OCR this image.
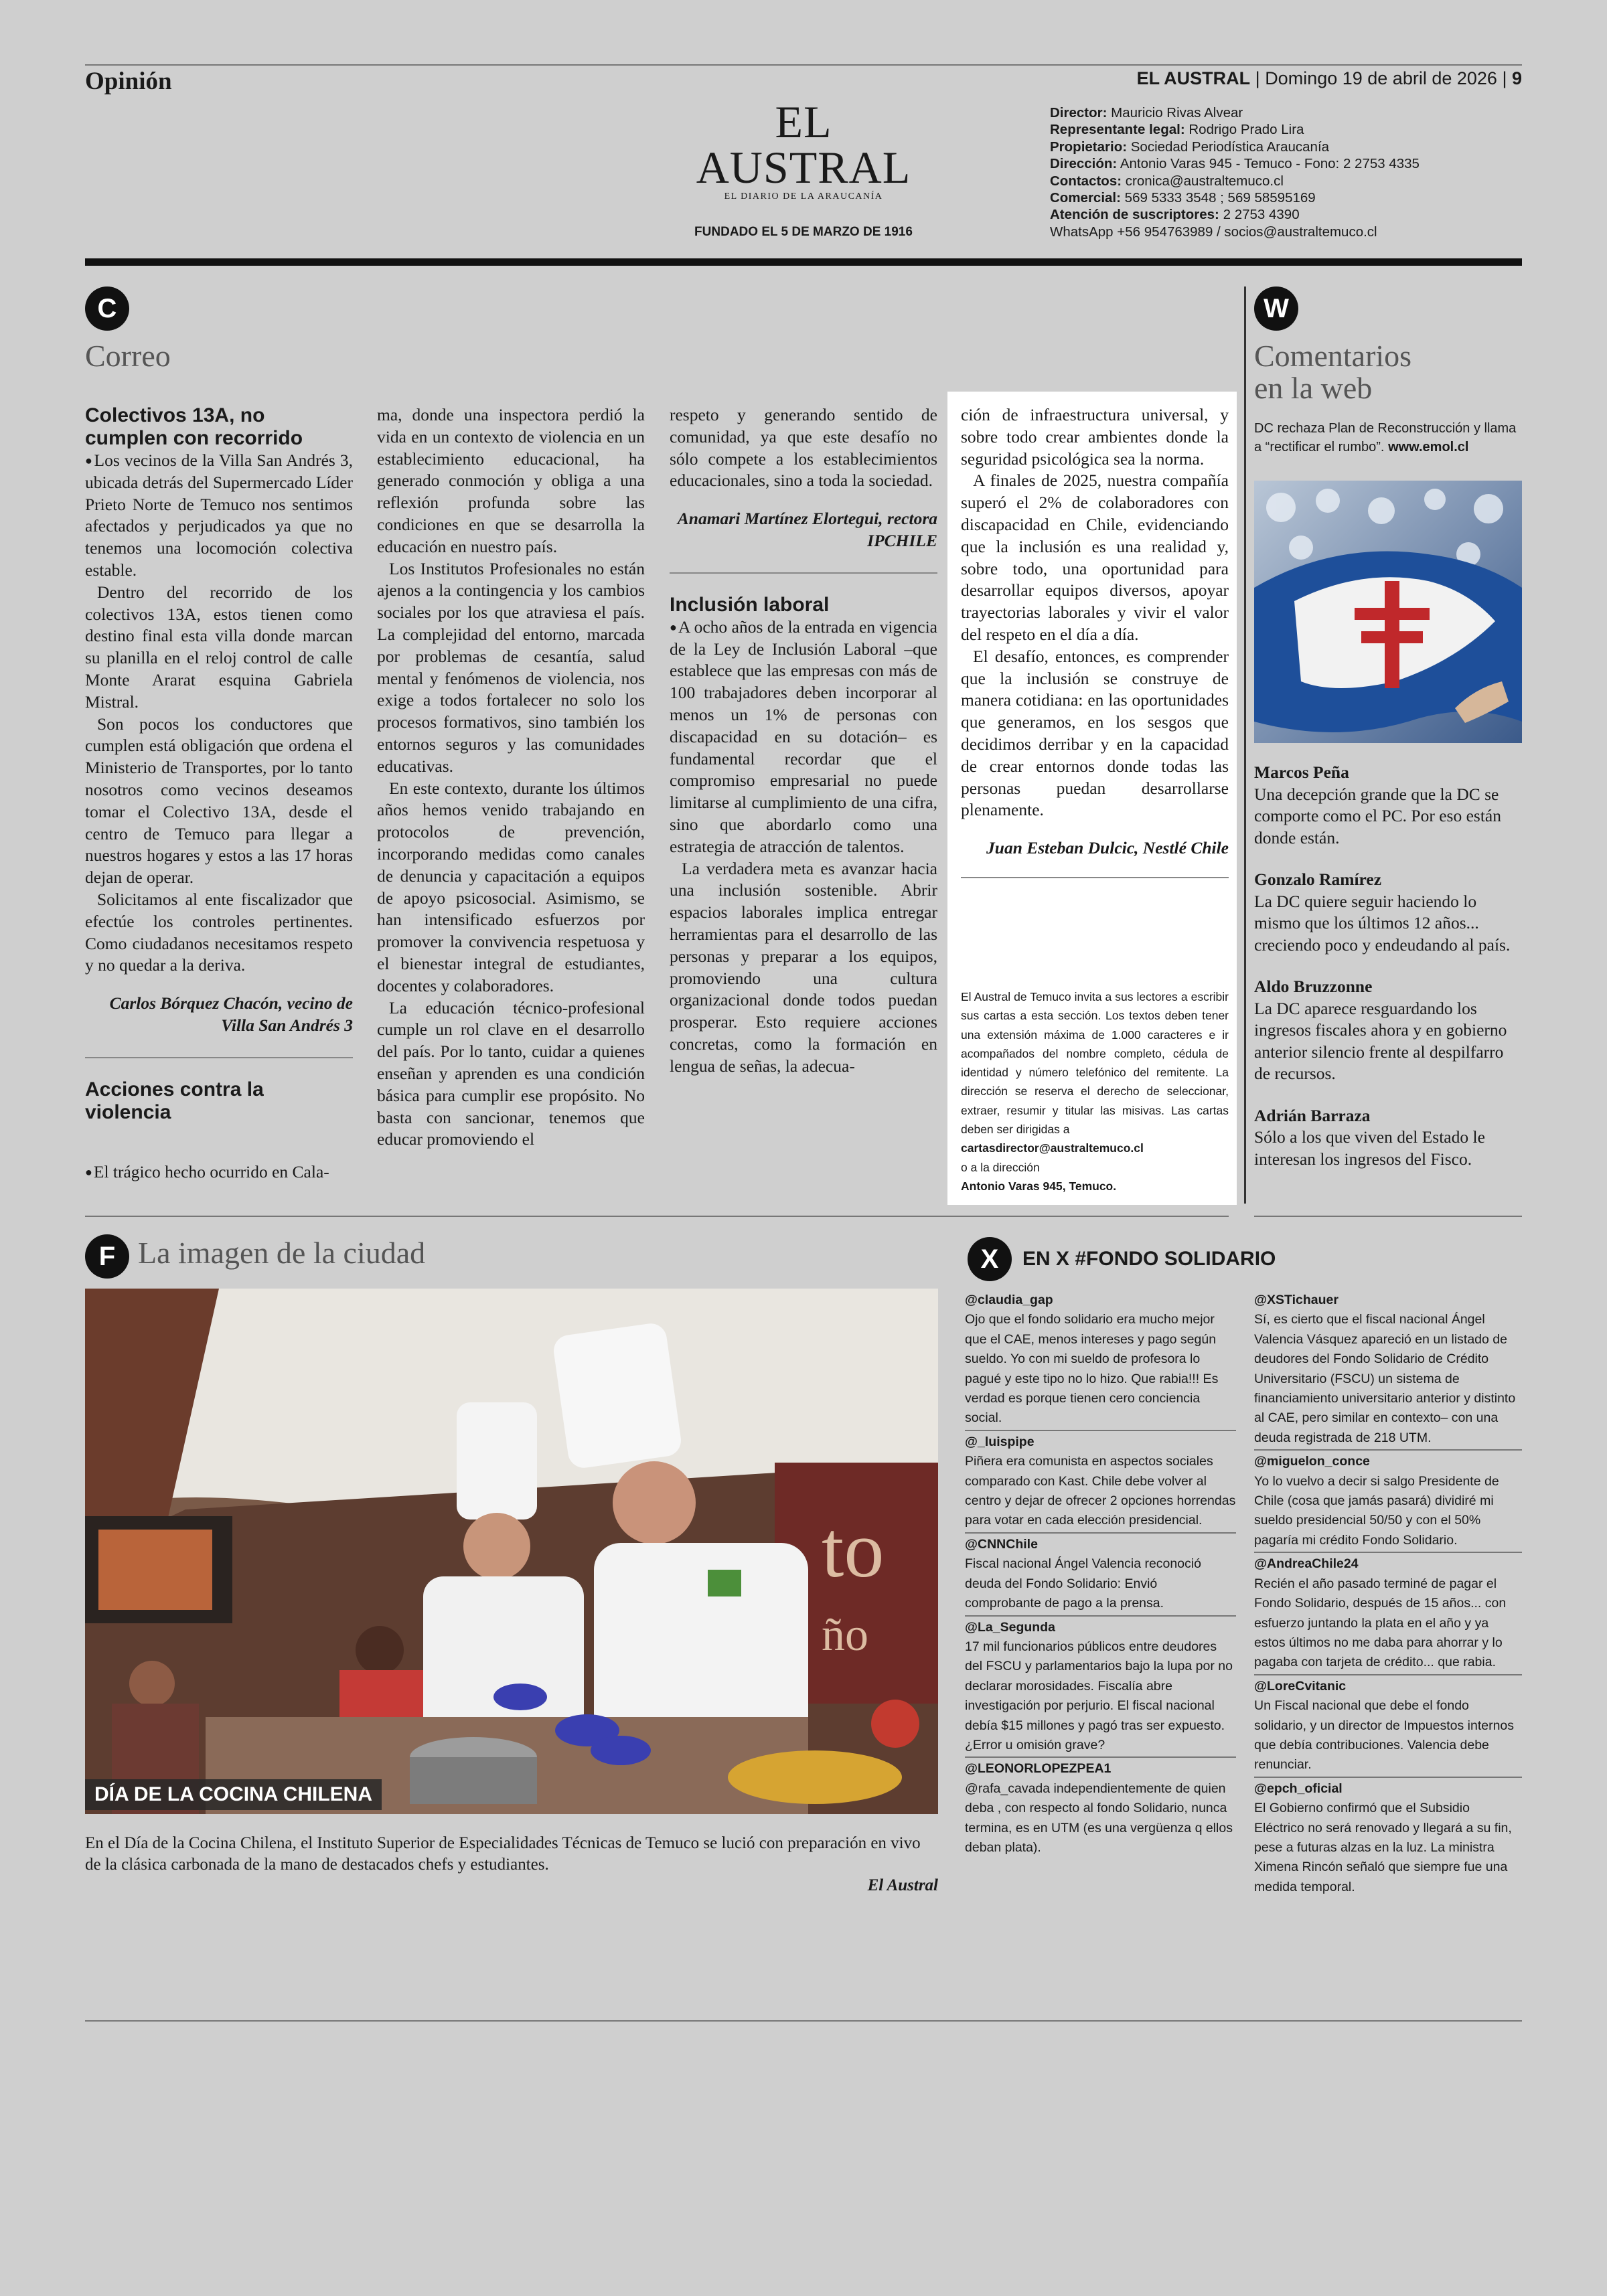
Opinión	EL AUSTRAL | Domingo 19 de abril de 2026 | 9
EL AUSTRAL
EL DIARIO DE LA ARAUCANÍA
FUNDADO EL 5 DE MARZO DE 1916
Director: Mauricio Rivas Alvear
Representante legal: Rodrigo Prado Lira
Propietario: Sociedad Periodística Araucanía
Dirección: Antonio Varas 945 - Temuco - Fono: 2 2753 4335
Contactos: cronica@australtemuco.cl
Comercial: 569 5333 3548 ; 569 58595169
Atención de suscriptores: 2 2753 4390
WhatsApp +56 954763989 / socios@australtemuco.cl
C
Correo

Colectivos 13A, no cumplen con recorrido

● Los vecinos de la Villa San Andrés 3, ubicada detrás del Supermercado Líder Prieto Norte de Temuco nos sentimos afectados y perjudicados ya que no tenemos una locomoción colectiva estable.

Dentro del recorrido de los colectivos 13A, estos tienen como destino final esta villa donde marcan su planilla en el reloj control de calle Monte Ararat esquina Gabriela Mistral.

Son pocos los conductores que cumplen está obligación que ordena el Ministerio de Transportes, por lo tanto nosotros como vecinos deseamos tomar el Colectivo 13A, desde el centro de Temuco para llegar a nuestros hogares y estos a las 17 horas dejan de operar.

Solicitamos al ente fiscalizador que efectúe los controles pertinentes. Como ciudadanos necesitamos respeto y no quedar a la deriva.

Carlos Bórquez Chacón, vecino de Villa San Andrés 3

Acciones contra la violencia

● El trágico hecho ocurrido en Cala-

ma, donde una inspectora perdió la vida en un contexto de violencia en un establecimiento educacional, ha generado conmoción y obliga a una reflexión profunda sobre las condiciones en que se desarrolla la educación en nuestro país.

Los Institutos Profesionales no están ajenos a la contingencia y los cambios sociales por los que atraviesa el país. La complejidad del entorno, marcada por problemas de cesantía, salud mental y fenómenos de violencia, nos exige a todos fortalecer no solo los procesos formativos, sino también los entornos seguros y las comunidades educativas.

En este contexto, durante los últimos años hemos venido trabajando en protocolos de prevención, incorporando medidas como canales de denuncia y capacitación a equipos de apoyo psicosocial. Asimismo, se han intensificado esfuerzos por promover la convivencia respetuosa y el bienestar integral de estudiantes, docentes y colaboradores.

La educación técnico-profesional cumple un rol clave en el desarrollo del país. Por lo tanto, cuidar a quienes enseñan y aprenden es una condición básica para cumplir ese propósito. No basta con sancionar, tenemos que educar promoviendo el

respeto y generando sentido de comunidad, ya que este desafío no sólo compete a los establecimientos educacionales, sino a toda la sociedad.

Anamari Martínez Elortegui, rectora IPCHILE

Inclusión laboral

● A ocho años de la entrada en vigencia de la Ley de Inclusión Laboral –que establece que las empresas con más de 100 trabajadores deben incorporar al menos un 1% de personas con discapacidad en su dotación– es fundamental recordar que el compromiso empresarial no puede limitarse al cumplimiento de una cifra, sino que abordarlo como una estrategia de atracción de talentos.

La verdadera meta es avanzar hacia una inclusión sostenible. Abrir espacios laborales implica entregar herramientas para el desarrollo de las personas y preparar a los equipos, promoviendo una cultura organizacional donde todos puedan prosperar. Esto requiere acciones concretas, como la formación en lengua de señas, la adecua-

ción de infraestructura universal, y sobre todo crear ambientes donde la seguridad psicológica sea la norma.

A finales de 2025, nuestra compañía superó el 2% de colaboradores con discapacidad en Chile, evidenciando que la inclusión es una realidad y, sobre todo, una oportunidad para desarrollar equipos diversos, apoyar trayectorias laborales y vivir el valor del respeto en el día a día.

El desafío, entonces, es comprender que la inclusión se construye de manera cotidiana: en las oportunidades que generamos, en los sesgos que decidimos derribar y en la capacidad de crear entornos donde todas las personas puedan desarrollarse plenamente.

Juan Esteban Dulcic, Nestlé Chile

El Austral de Temuco invita a sus lectores a escribir sus cartas a esta sección. Los textos deben tener una extensión máxima de 1.000 caracteres e ir acompañados del nombre completo, cédula de identidad y número telefónico del remitente. La dirección se reserva el derecho de seleccionar, extraer, resumir y titular las misivas. Las cartas deben ser dirigidas a
cartasdirector@australtemuco.cl
o a la dirección
Antonio Varas 945, Temuco.
W
Comentarios
en la web
DC rechaza Plan de Reconstrucción y llama a “rectificar el rumbo”. www.emol.cl

Marcos Peña

Una decepción grande que la DC se comporte como el PC. Por eso están donde están.

Gonzalo Ramírez

La DC quiere seguir haciendo lo mismo que los últimos 12 años... creciendo poco y endeudando al país.

Aldo Bruzzonne

La DC aparece resguardando los ingresos fiscales ahora y en gobierno anterior silencio frente al despilfarro de recursos.

Adrián Barraza

Sólo a los que viven del Estado le interesan los ingresos del Fisco.

F La imagen de la ciudad
to
ño
DÍA DE LA COCINA CHILENA
En el Día de la Cocina Chilena, el Instituto Superior de Especialidades Técnicas de Temuco se lució con preparación en vivo de la clásica carbonada de la mano de destacados chefs y estudiantes.
El Austral
X	EN X #FONDO SOLIDARIO

@claudia_gap

Ojo que el fondo solidario era mucho mejor que el CAE, menos intereses y pago según sueldo. Yo con mi sueldo de profesora lo pagué y este tipo no lo hizo. Que rabia!!! Es verdad es porque tienen cero conciencia social.

@_luispipe

Piñera era comunista en aspectos sociales comparado con Kast. Chile debe volver al centro y dejar de ofrecer 2 opciones horrendas para votar en cada elección presidencial.

@CNNChile

Fiscal nacional Ángel Valencia reconoció deuda del Fondo Solidario: Envió comprobante de pago a la prensa.

@La_Segunda

17 mil funcionarios públicos entre deudores del FSCU y parlamentarios bajo la lupa por no declarar morosidades. Fiscalía abre investigación por perjurio. El fiscal nacional debía $15 millones y pagó tras ser expuesto. ¿Error u omisión grave?

@LEONORLOPEZPEA1

@rafa_cavada independientemente de quien deba , con respecto al fondo Solidario, nunca termina, es en UTM (es una vergüenza q ellos deban plata).

@XSTichauer

Sí, es cierto que el fiscal nacional Ángel Valencia Vásquez apareció en un listado de deudores del Fondo Solidario de Crédito Universitario (FSCU) un sistema de financiamiento universitario anterior y distinto al CAE, pero similar en contexto– con una deuda registrada de 218 UTM.

@miguelon_conce

Yo lo vuelvo a decir si salgo Presidente de Chile (cosa que jamás pasará) dividiré mi sueldo presidencial 50/50 y con el 50% pagaría mi crédito Fondo Solidario.

@AndreaChile24

Recién el año pasado terminé de pagar el Fondo Solidario, después de 15 años... con esfuerzo juntando la plata en el año y ya estos últimos no me daba para ahorrar y lo pagaba con tarjeta de crédito... que rabia.

@LoreCvitanic

Un Fiscal nacional que debe el fondo solidario, y un director de Impuestos internos que debía contribuciones. Valencia debe renunciar.

@epch_oficial

El Gobierno confirmó que el Subsidio Eléctrico no será renovado y llegará a su fin, pese a futuras alzas en la luz. La ministra Ximena Rincón señaló que siempre fue una medida temporal.
